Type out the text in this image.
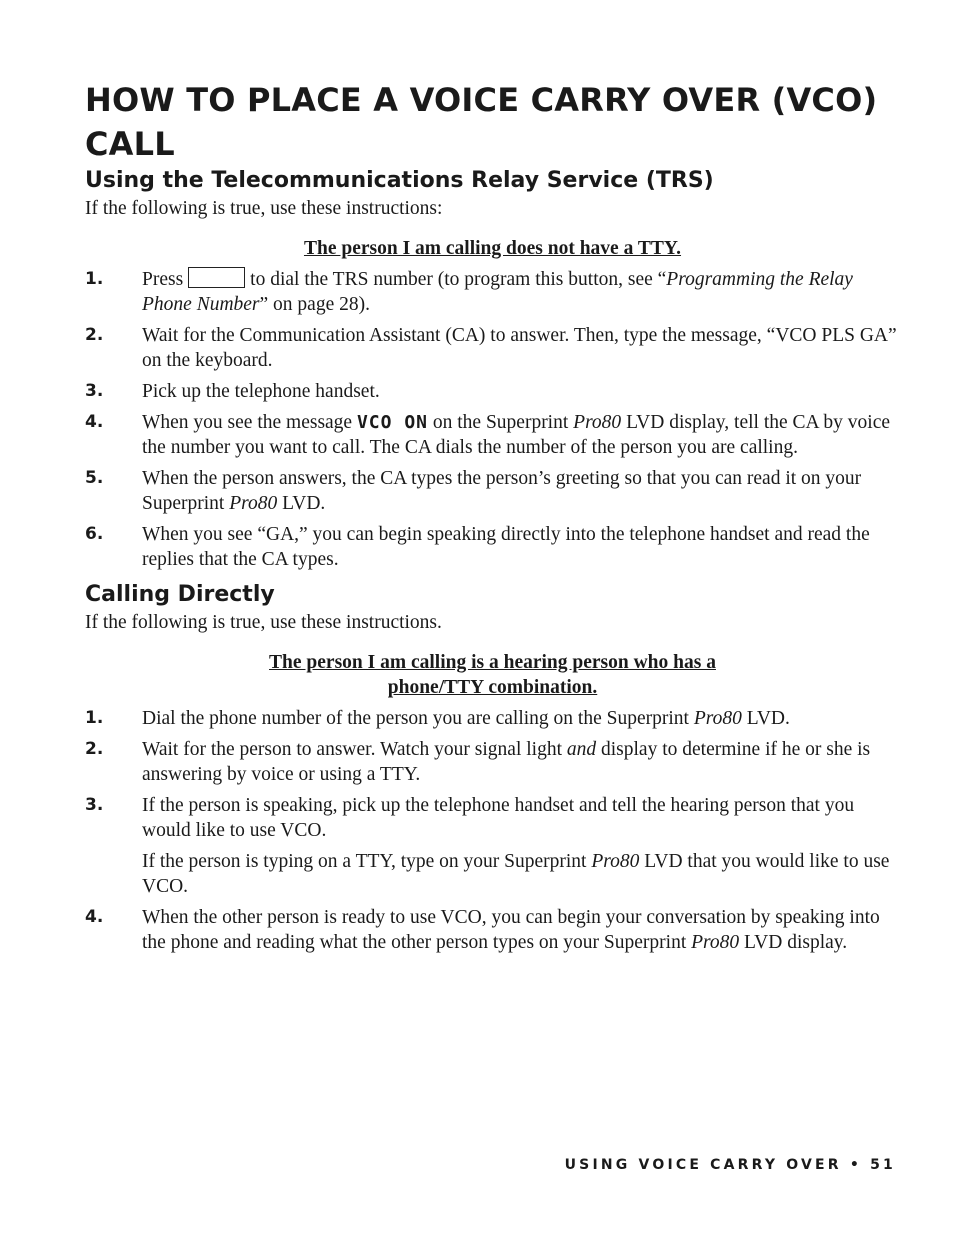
HOW TO PLACE A VOICE CARRY OVER (VCO) CALL
Using the Telecommunications Relay Service (TRS)

If the following is true, use these instructions:

The person I am calling does not have a TTY.

1. Press	to dial the TRS number (to program this button, see “Programming the Relay Phone Number” on page 28).

2. Wait for the Communication Assistant (CA) to answer. Then, type the message, “VCO PLS GA” on the keyboard.

3. Pick up the telephone handset.

4. When you see the message VCO ON on the Superprint Pro80 LVD display, tell the CA by voice the number you want to call. The CA dials the number of the person you are calling.

5. When the person answers, the CA types the person’s greeting so that you can read it on your Superprint Pro80 LVD.

6. When you see “GA,” you can begin speaking directly into the telephone handset and read the replies that the CA types.

Calling Directly

If the following is true, use these instructions.

The person I am calling is a hearing person who has a
phone/TTY combination.

1. Dial the phone number of the person you are calling on the Superprint Pro80 LVD.

2. Wait for the person to answer. Watch your signal light and display to determine if he or she is answering by voice or using a TTY.

3. If the person is speaking, pick up the telephone handset and tell the hearing person that you would like to use VCO.

If the person is typing on a TTY, type on your Superprint Pro80 LVD that you would like to use VCO.

4. When the other person is ready to use VCO, you can begin your conversation by speaking into the phone and reading what the other person types on your Superprint Pro80 LVD display.

USING VOICE CARRY OVER • 51
